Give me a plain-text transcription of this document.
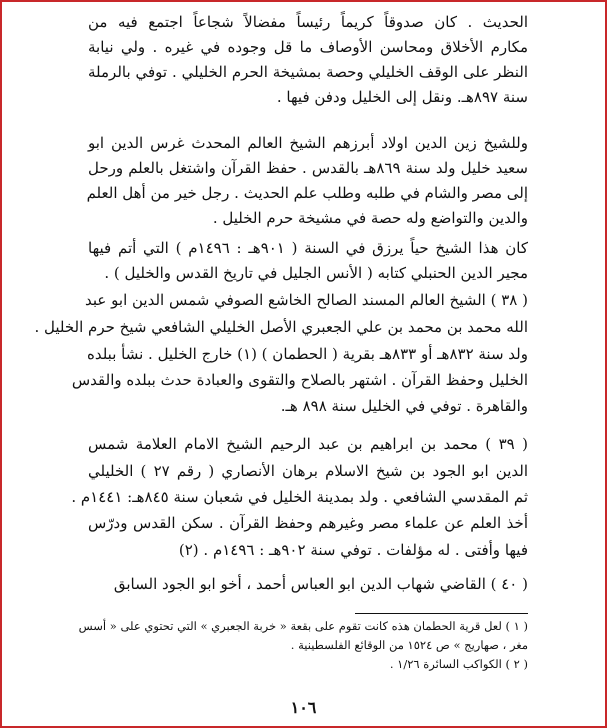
الحديث . كان صدوقاً كريماً رئيساً مفضالاً شجاعاً اجتمع فيه من
مكارم الأخلاق ومحاسن الأوصاف ما قل وجوده في غيره . ولي نيابة
النظر على الوقف الخليلي وحصة بمشيخة الحرم الخليلي . توفي بالرملة
سنة ٨٩٧هـ. ونقل إلى الخليل ودفن فيها .
وللشيخ زين الدين اولاد أبرزهم الشيخ العالم المحدث غرس الدين ابو
سعيد خليل ولد سنة ٨٦٩هـ بالقدس . حفظ القرآن واشتغل بالعلم ورحل
إلى مصر والشام في طلبه وطلب علم الحديث . رجل خير من أهل العلم
والدين والتواضع وله حصة في مشيخة حرم الخليل .
كان هذا الشيخ حياً يرزق في السنة ( ٩٠١هـ : ١٤٩٦م ) التي أتم فيها
مجير الدين الحنبلي كتابه ( الأنس الجليل في تاريخ القدس والخليل ) .
( ٣٨ ) الشيخ العالم المسند الصالح الخاشع الصوفي شمس الدين ابو عبد
الله محمد بن محمد بن علي الجعبري الأصل الخليلي الشافعي شيخ حرم الخليل .
ولد سنة ٨٣٢هـ أو ٨٣٣هـ بقرية ( الحطمان ) (١) خارج الخليل . نشأ ببلده
الخليل وحفظ القرآن . اشتهر بالصلاح والتقوى والعبادة حدث ببلده والقدس
والقاهرة . توفي في الخليل سنة ٨٩٨ هـ.
( ٣٩ ) محمد بن ابراهيم بن عبد الرحيم الشيخ الامام العلامة شمس
الدين ابو الجود بن شيخ الاسلام برهان الأنصاري ( رقم ٢٧ ) الخليلي
ثم المقدسي الشافعي . ولد بمدينة الخليل في شعبان سنة ٨٤٥هـ: ١٤٤١م .
أخذ العلم عن علماء مصر وغيرهم وحفظ القرآن . سكن القدس ودرّس
فيها وأفتى . له مؤلفات . توفي سنة ٩٠٢هـ : ١٤٩٦م . (٢)
( ٤٠ ) القاضي شهاب الدين ابو العباس أحمد ، أخو ابو الجود السابق
( ١ ) لعل قرية الحطمان هذه كانت تقوم على بقعة « خربة الجعبري » التي تحتوي على « أسس
مغر ، صهاريج » ص ١٥٢٤ من الوقائع الفلسطينية .
( ٢ ) الكواكب السائرة ١/٢٦ .
١٠٦
